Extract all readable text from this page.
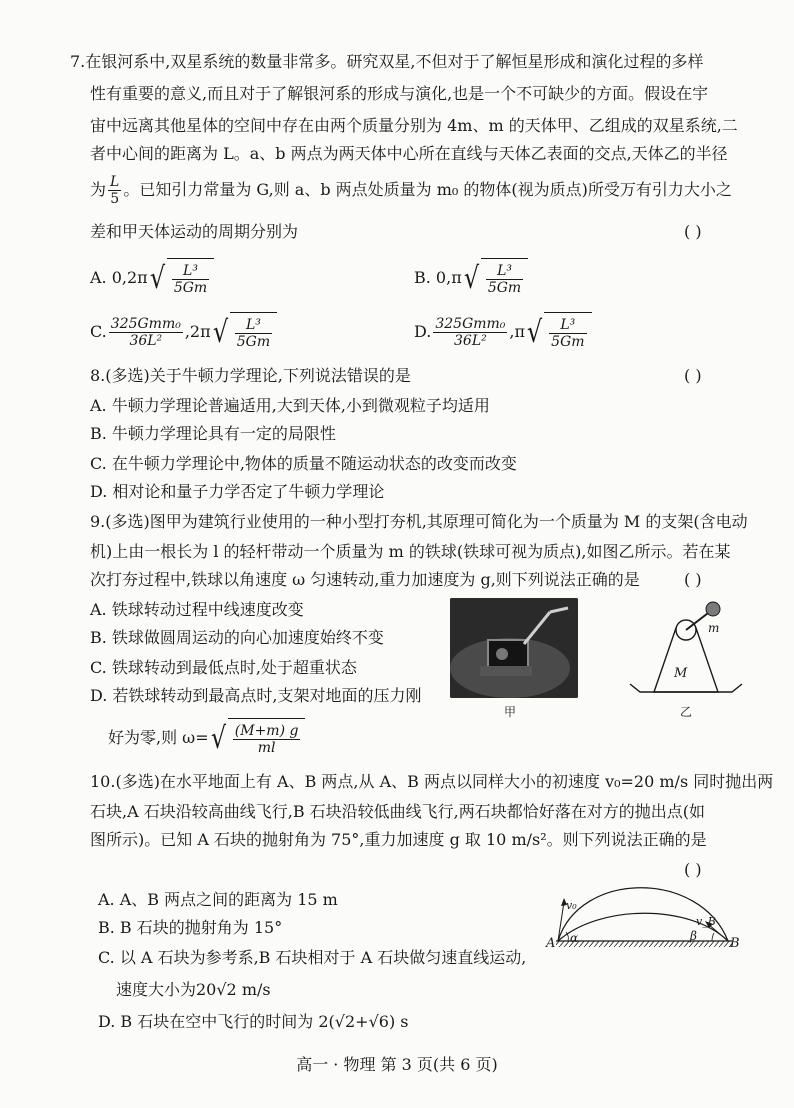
7.在银河系中,双星系统的数量非常多。研究双星,不但对于了解恒星形成和演化过程的多样
性有重要的意义,而且对于了解银河系的形成与演化,也是一个不可缺少的方面。假设在宇
宙中远离其他星体的空间中存在由两个质量分别为 4m、m 的天体甲、乙组成的双星系统,二
者中心间的距离为 L。a、b 两点为两天体中心所在直线与天体乙表面的交点,天体乙的半径
为 $\frac{L}{5}$ 。已知引力常量为 G,则 a、b 两点处质量为 m₀ 的物体(视为质点)所受万有引力大小之
差和甲天体运动的周期分别为	( )
A. $0,2\pi√ \frac{\text{L³}}{5Gm}$	B. $0,\pi√ \frac{\text{L³}}{5Gm}$
C. $\frac{\text{325Gmm₀}}{\text{36L²}} ,2\pi√ \frac{\text{L³}}{5Gm}$	D. $\frac{\text{325Gmm₀}}{\text{36L²}} ,\pi√ \frac{\text{L³}}{5Gm}$
8.(多选)关于牛顿力学理论,下列说法错误的是	( )
A. 牛顿力学理论普遍适用,大到天体,小到微观粒子均适用
B. 牛顿力学理论具有一定的局限性
C. 在牛顿力学理论中,物体的质量不随运动状态的改变而改变
D. 相对论和量子力学否定了牛顿力学理论
9.(多选)图甲为建筑行业使用的一种小型打夯机,其原理可简化为一个质量为 M 的支架(含电动
机)上由一根长为 l 的轻杆带动一个质量为 m 的铁球(铁球可视为质点),如图乙所示。若在某
次打夯过程中,铁球以角速度 ω 匀速转动,重力加速度为 g,则下列说法正确的是	( )
A. 铁球转动过程中线速度改变
B. 铁球做圆周运动的向心加速度始终不变
C. 铁球转动到最低点时,处于超重状态
D. 若铁球转动到最高点时,支架对地面的压力刚
好为零,则 $\omega=√ \frac{(M+m) g}{ml}$
甲
M
m
乙
10.(多选)在水平地面上有 A、B 两点,从 A、B 两点以同样大小的初速度 v₀=20 m/s 同时抛出两
石块,A 石块沿较高曲线飞行,B 石块沿较低曲线飞行,两石块都恰好落在对方的抛出点(如
图所示)。已知 A 石块的抛射角为 75°,重力加速度 g 取 10 m/s²。则下列说法正确的是
( )
A. A、B 两点之间的距离为 15 m
B. B 石块的抛射角为 15°
C. 以 A 石块为参考系,B 石块相对于 A 石块做匀速直线运动,
速度大小为20√2 m/s
D. B 石块在空中飞行的时间为 2(√2+√6) s
v₀
v_B
A	B
α	β
高一 · 物理 第 3 页(共 6 页)
